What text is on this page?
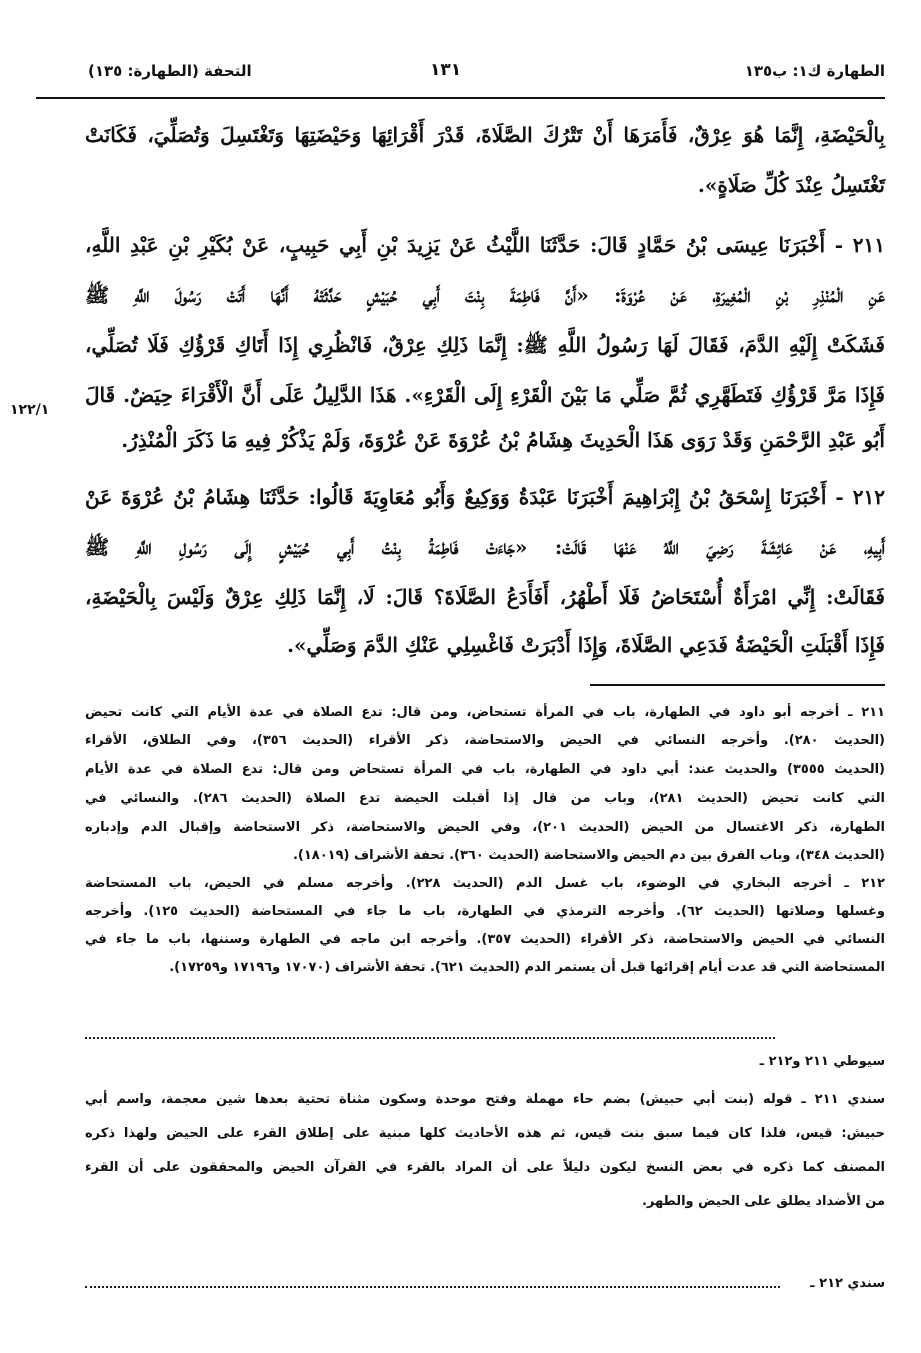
الطهارة ك١: ب١٣٥
١٣١
التحفة (الطهارة: ١٣٥)
١٢٢/١
بِالْحَيْضَةِ، إِنَّمَا هُوَ عِرْقٌ، فَأَمَرَهَا أَنْ تَتْرُكَ الصَّلَاةَ، قَدْرَ أَقْرَائِهَا وَحَيْضَتِهَا وَتَغْتَسِلَ وَتُصَلِّيَ، فَكَانَتْ
تَغْتَسِلُ عِنْدَ كُلِّ صَلَاةٍ».
٢١١ - أَخْبَرَنَا عِيسَى بْنُ حَمَّادٍ قَالَ: حَدَّثَنَا اللَّيْثُ عَنْ يَزِيدَ بْنِ أَبِي حَبِيبٍ، عَنْ بُكَيْرِ بْنِ عَبْدِ اللَّهِ،
عَنِ الْمُنْذِرِ بْنِ الْمُغِيرَةِ، عَنْ عُرْوَةَ: «أَنَّ فَاطِمَةَ بِنْتَ أَبِي حُبَيْشٍ حَدَّثَتْهُ أَنَّهَا أَتَتْ رَسُولَ اللَّهِ ﷺ
فَشَكَتْ إِلَيْهِ الدَّمَ، فَقَالَ لَهَا رَسُولُ اللَّهِ ﷺ: إِنَّمَا ذَلِكِ عِرْقٌ، فَانْظُرِي إِذَا أَتَاكِ قَرْؤُكِ فَلَا تُصَلِّي،
فَإِذَا مَرَّ قَرْؤُكِ فَتَطَهَّرِي ثُمَّ صَلِّي مَا بَيْنَ الْقَرْءِ إِلَى الْقَرْءِ». هَذَا الدَّلِيلُ عَلَى أَنَّ الْأَقْرَاءَ حِيَضٌ. قَالَ
أَبُو عَبْدِ الرَّحْمَنِ وَقَدْ رَوَى هَذَا الْحَدِيثَ هِشَامُ بْنُ عُرْوَةَ عَنْ عُرْوَةَ، وَلَمْ يَذْكُرْ فِيهِ مَا ذَكَرَ الْمُنْذِرُ.
٢١٢ - أَخْبَرَنَا إِسْحَقُ بْنُ إِبْرَاهِيمَ أَخْبَرَنَا عَبْدَةُ وَوَكِيعٌ وَأَبُو مُعَاوِيَةَ قَالُوا: حَدَّثَنَا هِشَامُ بْنُ عُرْوَةَ عَنْ
أَبِيهِ، عَنْ عَائِشَةَ رَضِيَ اللَّهُ عَنْهَا قَالَتْ: «جَاءَتْ فَاطِمَةُ بِنْتُ أَبِي حُبَيْشٍ إِلَى رَسُولِ اللَّهِ ﷺ
فَقَالَتْ: إِنِّي امْرَأَةٌ أُسْتَحَاضُ فَلَا أَطْهُرُ، أَفَأَدَعُ الصَّلَاةَ؟ قَالَ: لَا، إِنَّمَا ذَلِكِ عِرْقٌ وَلَيْسَ بِالْحَيْضَةِ،
فَإِذَا أَقْبَلَتِ الْحَيْضَةُ فَدَعِي الصَّلَاةَ، وَإِذَا أَدْبَرَتْ فَاغْسِلِي عَنْكِ الدَّمَ وَصَلِّي».
٢١١ ـ أخرجه أبو داود في الطهارة، باب في المرأة تستحاض، ومن قال: تدع الصلاة في عدة الأيام التي كانت تحيض
(الحديث ٢٨٠). وأخرجه النسائي في الحيض والاستحاضة، ذكر الأقراء (الحديث ٣٥٦)، وفي الطلاق، الأقراء
(الحديث ٣٥٥٥) والحديث عند: أبي داود في الطهارة، باب في المرأة تستحاض ومن قال: تدع الصلاة في عدة الأيام
التي كانت تحيض (الحديث ٢٨١)، وباب من قال إذا أقبلت الحيضة تدع الصلاة (الحديث ٢٨٦). والنسائي في
الطهارة، ذكر الاغتسال من الحيض (الحديث ٢٠١)، وفي الحيض والاستحاضة، ذكر الاستحاضة وإقبال الدم وإدباره
(الحديث ٣٤٨)، وباب الفرق بين دم الحيض والاستحاضة (الحديث ٣٦٠). تحفة الأشراف (١٨٠١٩).
٢١٢ ـ أخرجه البخاري في الوضوء، باب غسل الدم (الحديث ٢٢٨). وأخرجه مسلم في الحيض، باب المستحاضة
وغسلها وصلاتها (الحديث ٦٢). وأخرجه الترمذي في الطهارة، باب ما جاء في المستحاضة (الحديث ١٢٥). وأخرجه
النسائي في الحيض والاستحاضة، ذكر الأقراء (الحديث ٣٥٧). وأخرجه ابن ماجه في الطهارة وسننها، باب ما جاء في
المستحاضة التي قد عدت أيام إقرائها قبل أن يستمر الدم (الحديث ٦٢١). تحفة الأشراف (١٧٠٧٠ و١٧١٩٦ و١٧٢٥٩).
سيوطي ٢١١ و٢١٢ ـ
سندي ٢١١ ـ قوله (بنت أبي حبيش) بضم حاء مهملة وفتح موحدة وسكون مثناة تحتية بعدها شين معجمة، واسم أبي
حبيش: قيس، فلذا كان فيما سبق بنت قيس، ثم هذه الأحاديث كلها مبنية على إطلاق القرء على الحيض ولهذا ذكره
المصنف كما ذكره في بعض النسخ ليكون دليلاً على أن المراد بالقرء في القرآن الحيض والمحققون على أن القرء
من الأضداد يطلق على الحيض والطهر.
سندي ٢١٢ ـ
